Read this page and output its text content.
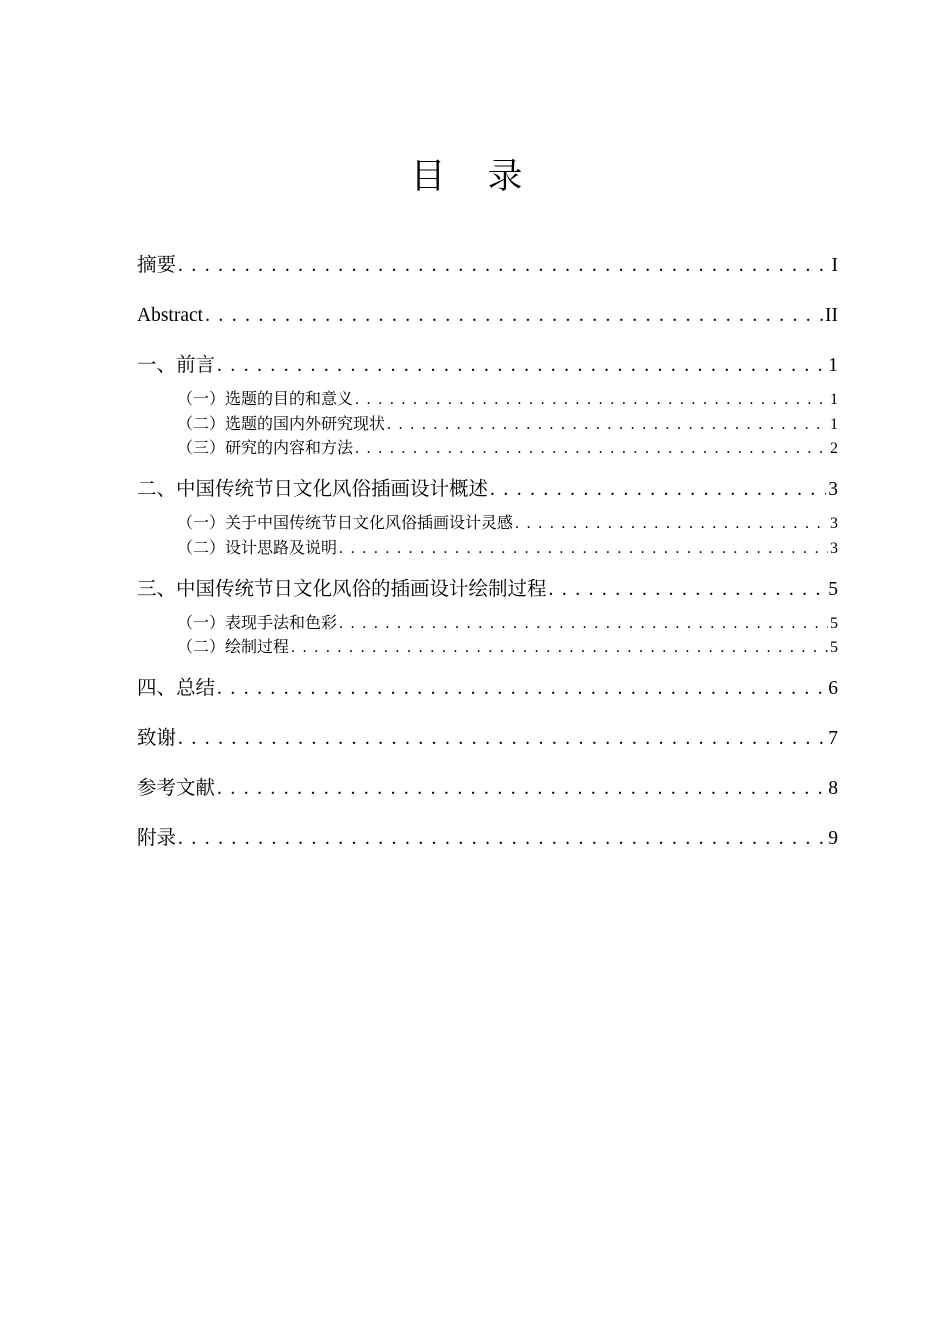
目录
摘要 . . .	I
Abstract . . .	II
一、前言 . . .	1
（一）选题的目的和意义 . . .	1
（二）选题的国内外研究现状 . . .	1
（三）研究的内容和方法 . . .	2
二、中国传统节日文化风俗插画设计概述 . . .	3
（一）关于中国传统节日文化风俗插画设计灵感 . . .	3
（二）设计思路及说明 . . .	3
三、中国传统节日文化风俗的插画设计绘制过程 . . .	5
（一）表现手法和色彩 . . .	5
（二）绘制过程 . . .	5
四、总结 . . .	6
致谢 . . .	7
参考文献 . . .	8
附录 . . .	9
